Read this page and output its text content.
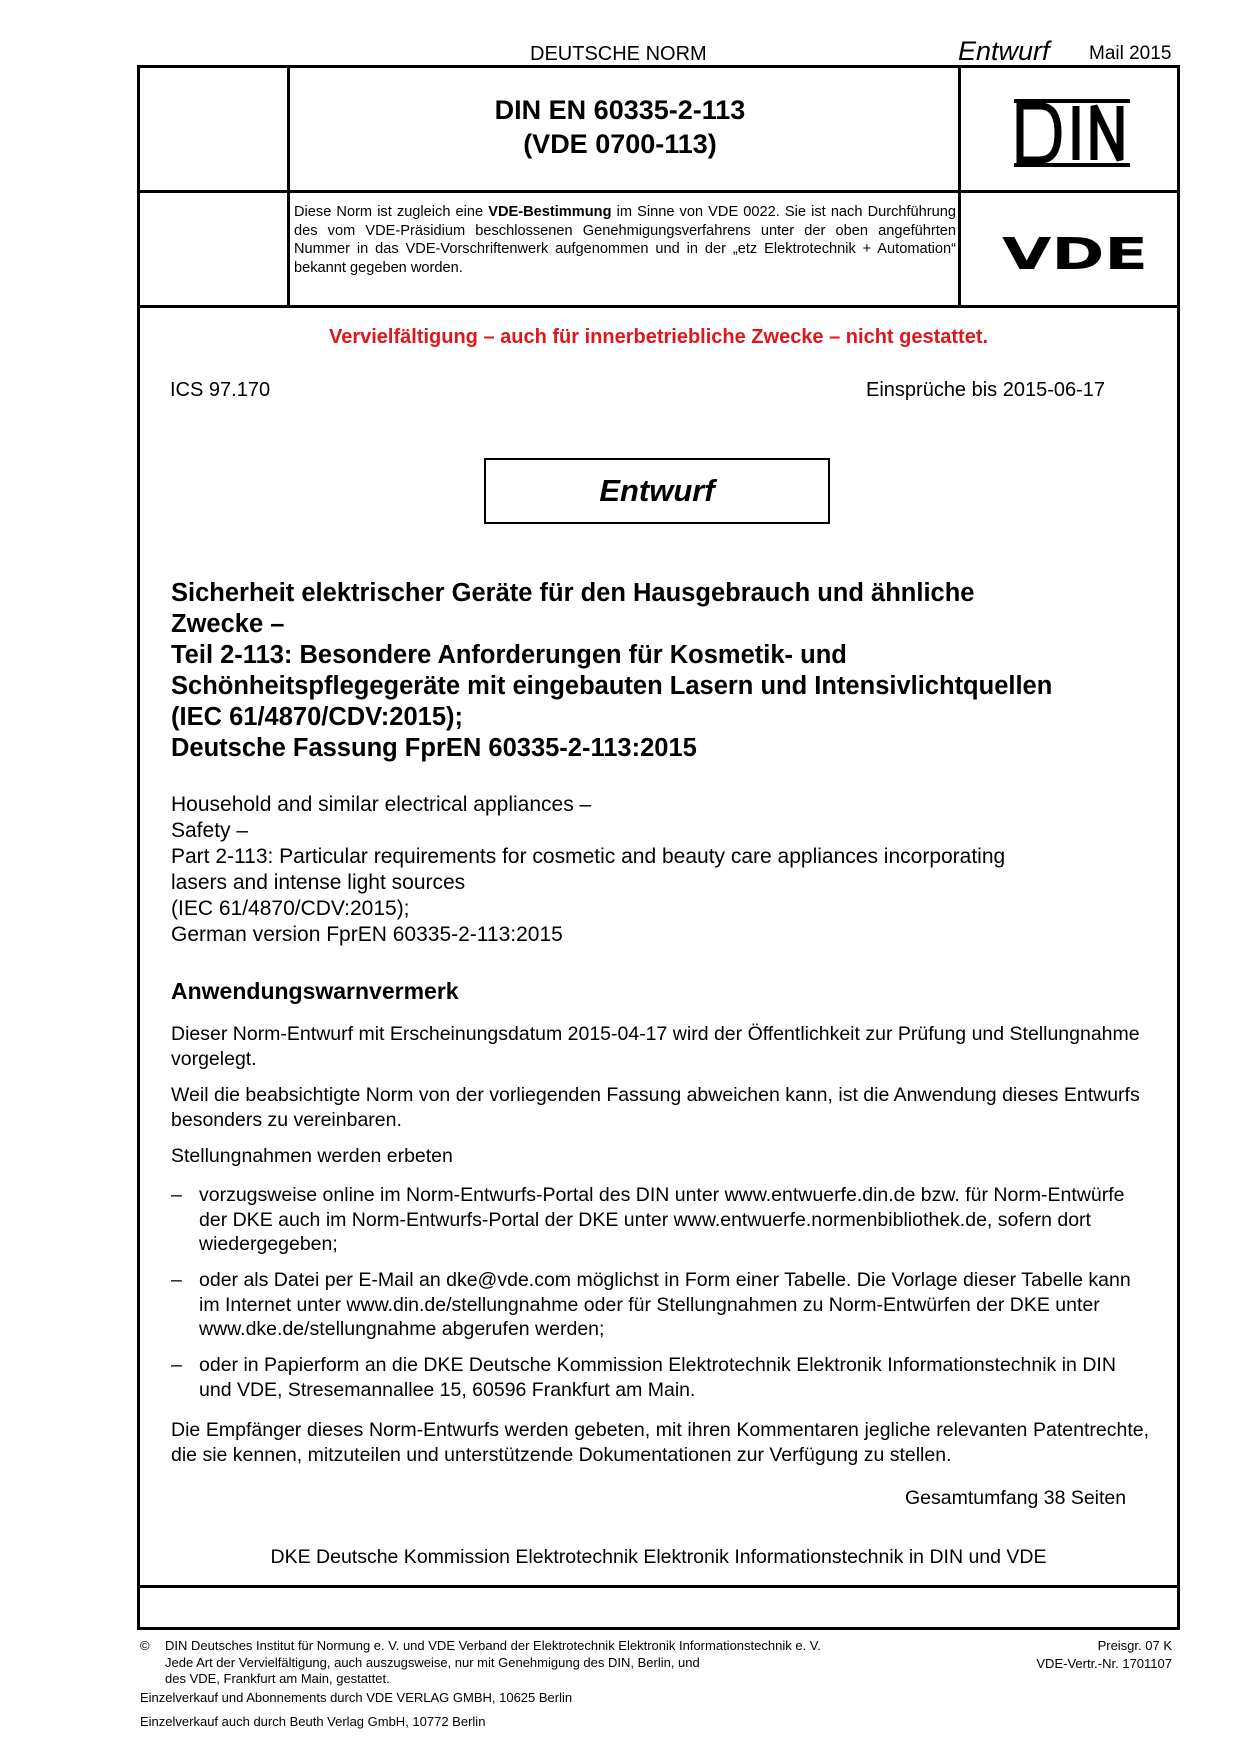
DEUTSCHE NORM	Entwurf Mail 2015
DIN EN 60335-2-113
(VDE 0700-113)
DIN
VDE
Diese Norm ist zugleich eine VDE-Bestimmung im Sinne von VDE 0022. Sie ist nach Durchführung des vom VDE-Präsidium beschlossenen Genehmigungsverfahrens unter der oben angeführten Nummer in das VDE-Vorschriftenwerk aufgenommen und in der „etz Elektrotechnik + Automation“ bekannt gegeben worden.
Vervielfältigung – auch für innerbetriebliche Zwecke – nicht gestattet.
ICS 97.170	Einsprüche bis 2015-06-17
Entwurf
Sicherheit elektrischer Geräte für den Hausgebrauch und ähnliche
Zwecke –
Teil 2-113: Besondere Anforderungen für Kosmetik- und
Schönheitspflegegeräte mit eingebauten Lasern und Intensivlichtquellen
(IEC 61/4870/CDV:2015);
Deutsche Fassung FprEN 60335-2-113:2015
Household and similar electrical appliances –
Safety –
Part 2-113: Particular requirements for cosmetic and beauty care appliances incorporating
lasers and intense light sources
(IEC 61/4870/CDV:2015);
German version FprEN 60335-2-113:2015
Anwendungswarnvermerk
Dieser Norm-Entwurf mit Erscheinungsdatum 2015-04-17 wird der Öffentlichkeit zur Prüfung und Stellungnahme vorgelegt.
Weil die beabsichtigte Norm von der vorliegenden Fassung abweichen kann, ist die Anwendung dieses Entwurfs besonders zu vereinbaren.
Stellungnahmen werden erbeten
– vorzugsweise online im Norm-Entwurfs-Portal des DIN unter www.entwuerfe.din.de bzw. für Norm-Entwürfe der DKE auch im Norm-Entwurfs-Portal der DKE unter www.entwuerfe.normenbibliothek.de, sofern dort wiedergegeben;
– oder als Datei per E-Mail an dke@vde.com möglichst in Form einer Tabelle. Die Vorlage dieser Tabelle kann im Internet unter www.din.de/stellungnahme oder für Stellungnahmen zu Norm-Entwürfen der DKE unter www.dke.de/stellungnahme abgerufen werden;
– oder in Papierform an die DKE Deutsche Kommission Elektrotechnik Elektronik Informationstechnik in DIN und VDE, Stresemannallee 15, 60596 Frankfurt am Main.
Die Empfänger dieses Norm-Entwurfs werden gebeten, mit ihren Kommentaren jegliche relevanten Patentrechte, die sie kennen, mitzuteilen und unterstützende Dokumentationen zur Verfügung zu stellen.
Gesamtumfang 38 Seiten
DKE Deutsche Kommission Elektrotechnik Elektronik Informationstechnik in DIN und VDE
© DIN Deutsches Institut für Normung e. V. und VDE Verband der Elektrotechnik Elektronik Informationstechnik e. V.
Jede Art der Vervielfältigung, auch auszugsweise, nur mit Genehmigung des DIN, Berlin, und
des VDE, Frankfurt am Main, gestattet.
Preisgr. 07 K
VDE-Vertr.-Nr. 1701107
Einzelverkauf und Abonnements durch VDE VERLAG GMBH, 10625 Berlin
Einzelverkauf auch durch Beuth Verlag GmbH, 10772 Berlin
